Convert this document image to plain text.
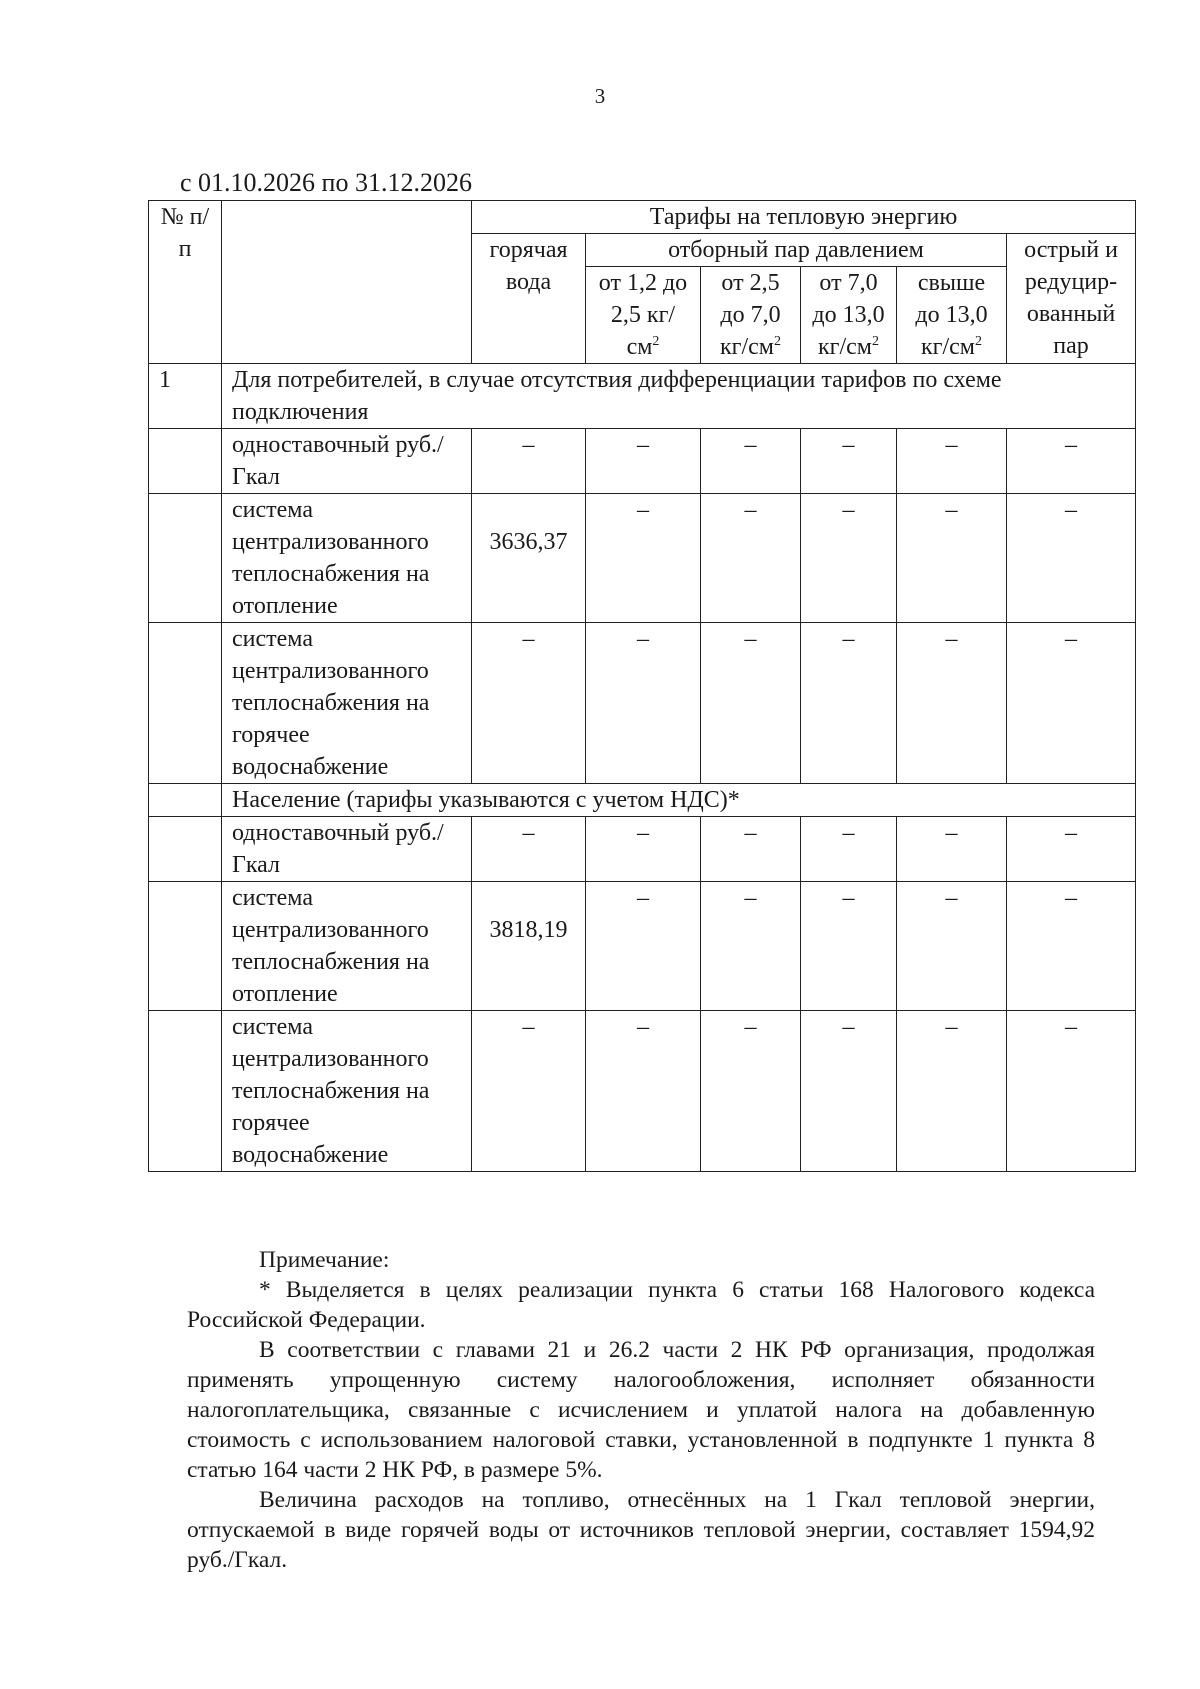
3
с 01.10.2026 по 31.12.2026
№ п/п		Тарифы на тепловую энергию					
		горячая вода	отборный пар давлением				острый и редуцир-ованный пар
			от 1,2 до 2,5 $кг/см^2$	от 2,5 до 7,0 $кг/см^2$	от 7,0 до 13,0 $кг/см^2$	свыше до 13,0 $кг/см^2$
1	Для потребителей, в случае отсутствия дифференциации тарифов по схеме подключения						
	одноставочный руб./Гкал	–	–	–	–	–	–
	система централизованного теплоснабжения на отопление	3636,37	–	–	–	–	–
	система централизованного теплоснабжения на горячее водоснабжение	–	–	–	–	–	–
	Население (тарифы указываются с учетом НДС)*						
	одноставочный руб./Гкал	–	–	–	–	–	–
	система централизованного теплоснабжения на отопление	3818,19	–	–	–	–	–
	система централизованного теплоснабжения на горячее водоснабжение	–	–	–	–	–	–

Примечание:

* Выделяется в целях реализации пункта 6 статьи 168 Налогового кодекса Российской Федерации.

В соответствии с главами 21 и 26.2 части 2 НК РФ организация, продолжая применять упрощенную систему налогообложения, исполняет обязанности налогоплательщика, связанные с исчислением и уплатой налога на добавленную стоимость с использованием налоговой ставки, установленной в подпункте 1 пункта 8 статью 164 части 2 НК РФ, в размере 5%.

Величина расходов на топливо, отнесённых на 1 Гкал тепловой энергии, отпускаемой в виде горячей воды от источников тепловой энергии, составляет 1594,92 руб./Гкал.
